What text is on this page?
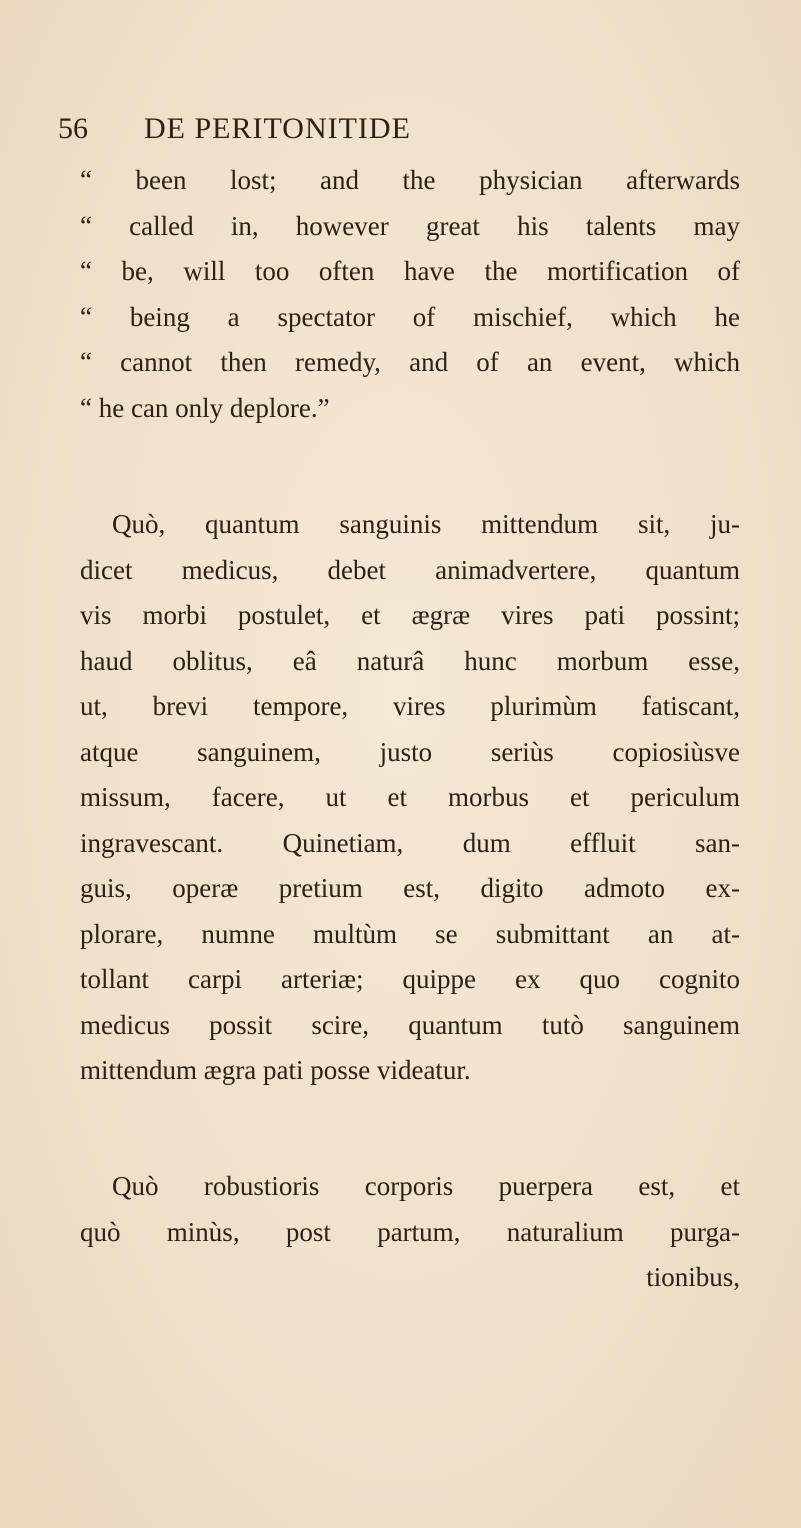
56 DE PERITONITIDE
“ been lost; and the physician afterwards
“ called in, however great his talents may
“ be, will too often have the mortification of
“ being a spectator of mischief, which he
“ cannot then remedy, and of an event, which
“ he can only deplore.”
Quò, quantum sanguinis mittendum sit, ju-
dicet medicus, debet animadvertere, quantum
vis morbi postulet, et ægræ vires pati possint;
haud oblitus, eâ naturâ hunc morbum esse,
ut, brevi tempore, vires plurimùm fatiscant,
atque sanguinem, justo seriùs copiosiùsve
missum, facere, ut et morbus et periculum
ingravescant. Quinetiam, dum effluit san-
guis, operæ pretium est, digito admoto ex-
plorare, numne multùm se submittant an at-
tollant carpi arteriæ; quippe ex quo cognito
medicus possit scire, quantum tutò sanguinem
mittendum ægra pati posse videatur.
Quò robustioris corporis puerpera est, et
quò minùs, post partum, naturalium purga-
tionibus,
